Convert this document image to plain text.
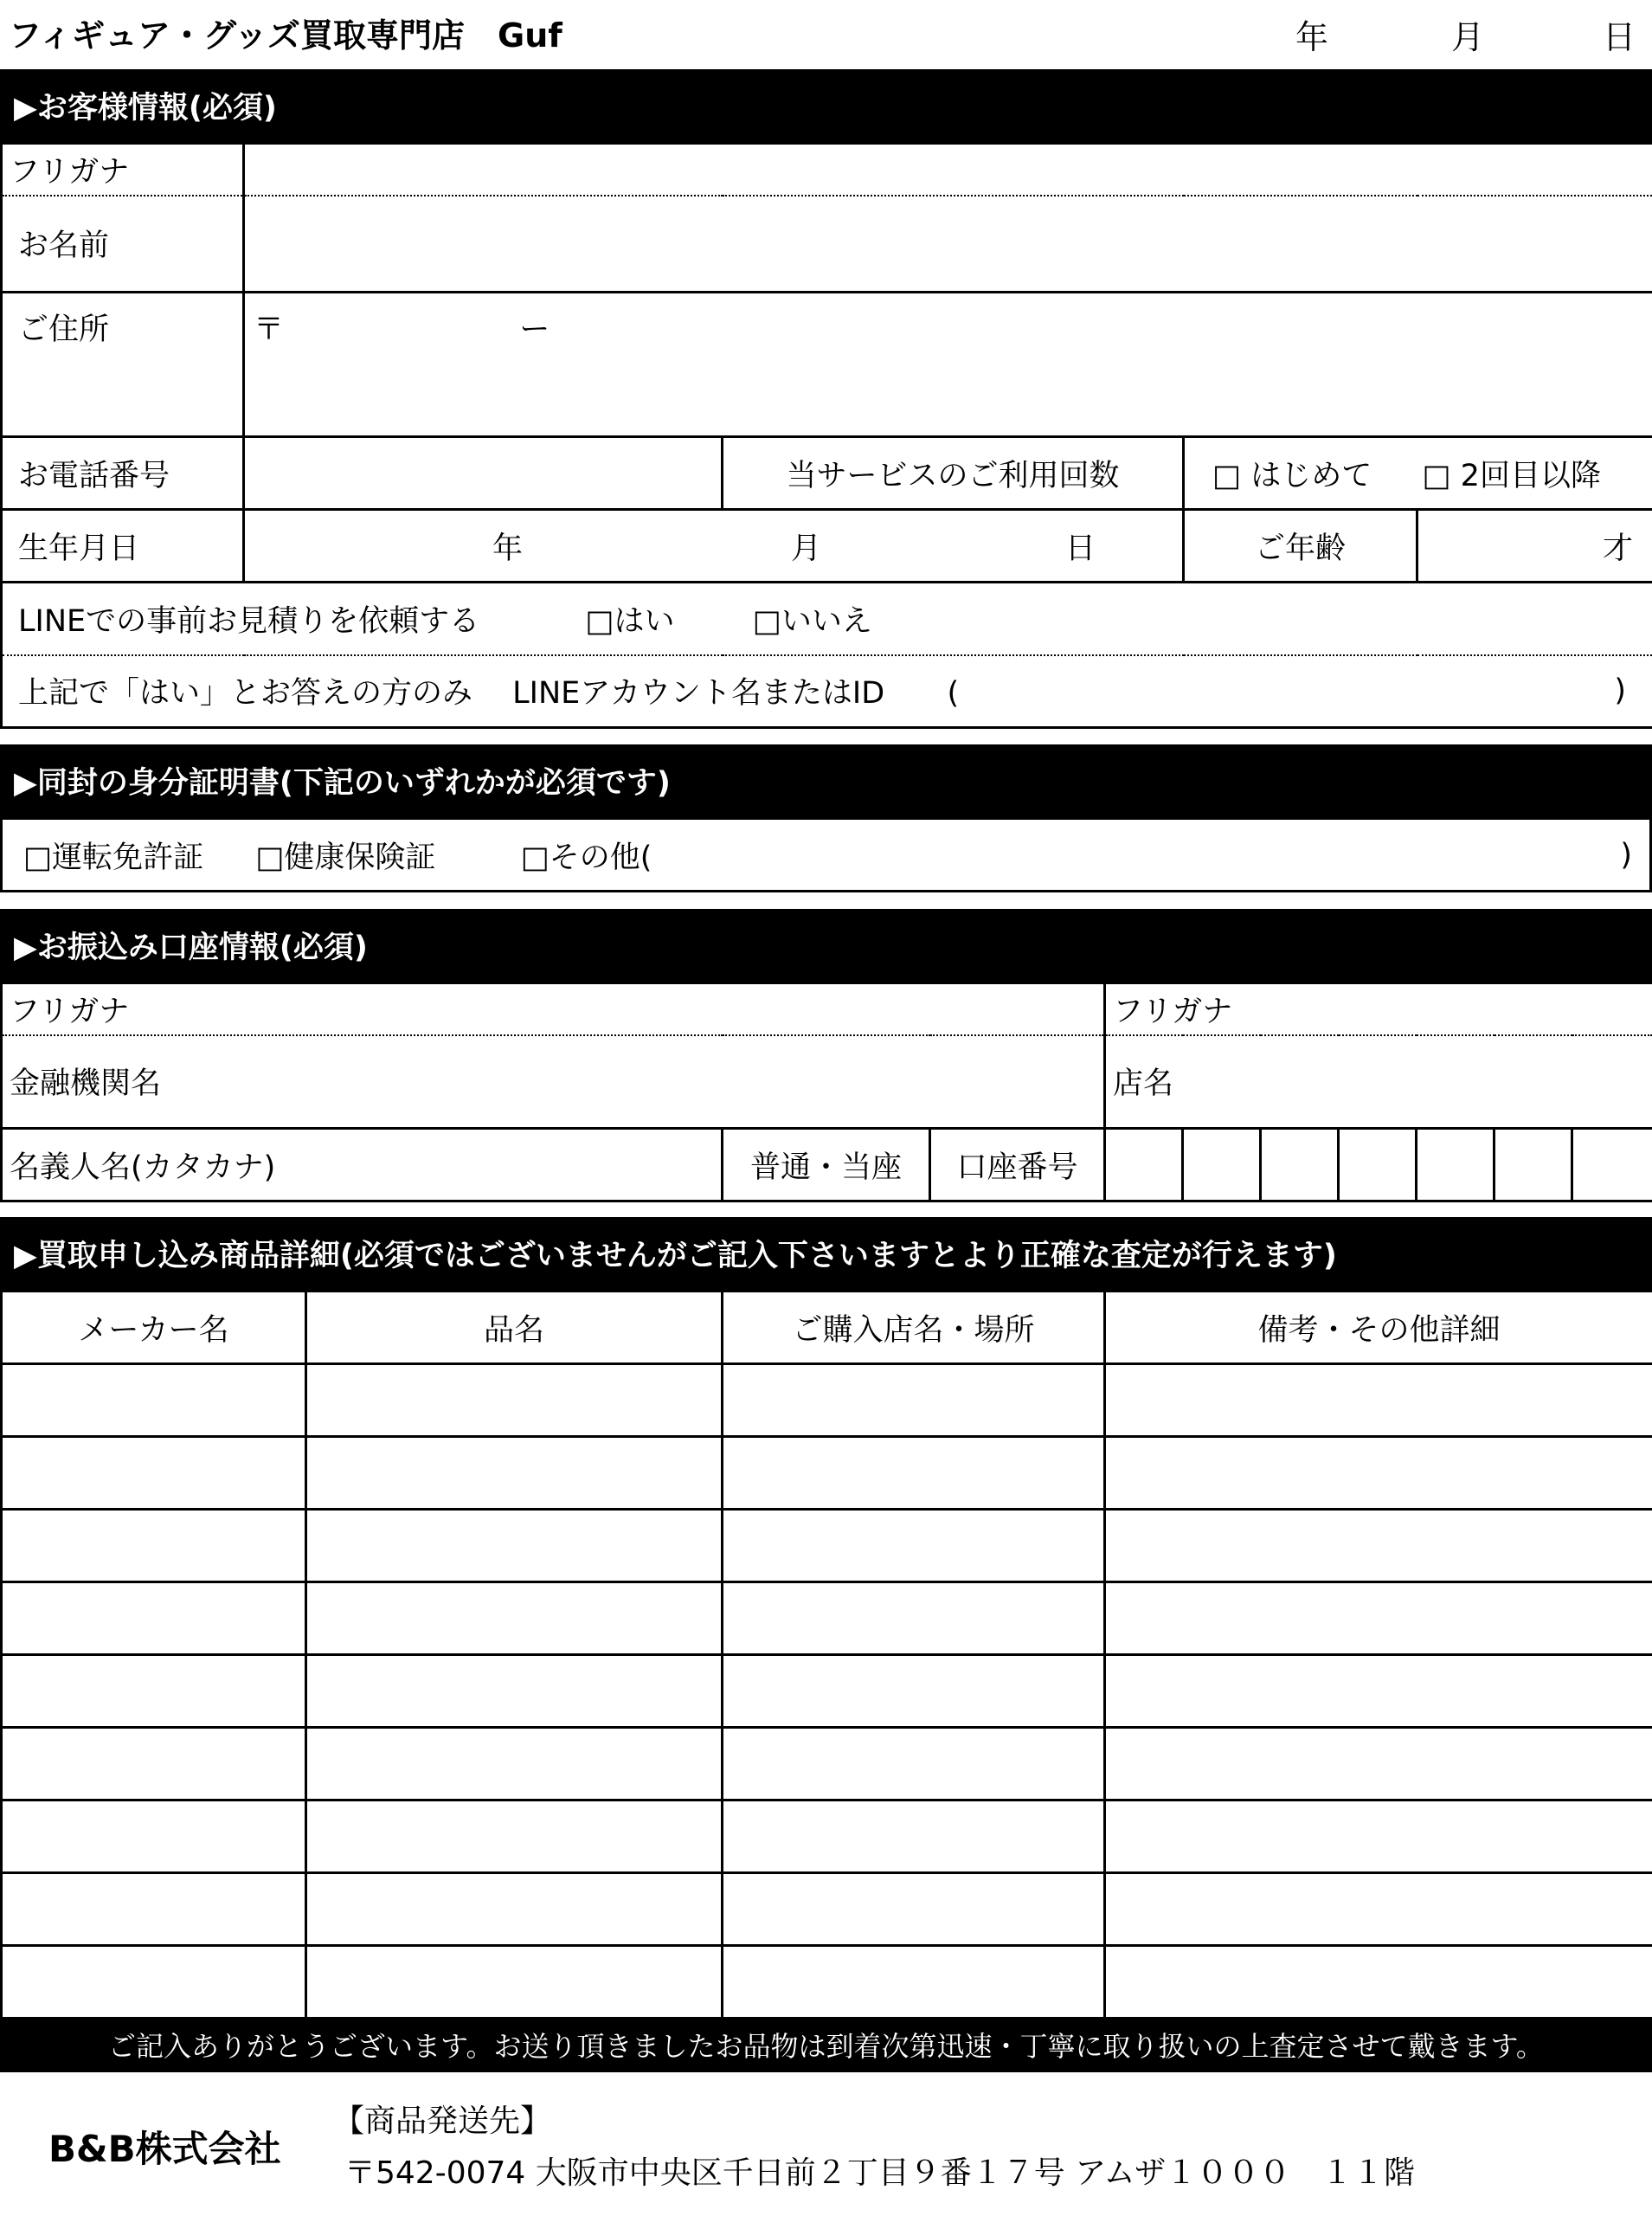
フィギュア・グッズ買取専門店　Guf	年	月	日
▶お客様情報(必須)
フリガナ				
お名前				
ご住所	〒 ー			
お電話番号		当サービスのご利用回数	□ はじめて □ 2回目以降	
生年月日	年 月 日		ご年齢	才
LINEでの事前お見積りを依頼する □はい □いいえ				
上記で「はい」とお答えの方のみ　 LINEアカウント名またはID ( )				
▶同封の身分証明書(下記のいずれかが必須です)
□運転免許証 □健康保険証	□その他(	)
▶お振込み口座情報(必須)
フリガナ			フリガナ						
金融機関名			店名						
名義人名(カタカナ)	普通・当座	口座番号							
▶買取申し込み商品詳細(必須ではございませんがご記入下さいますとより正確な査定が行えます)
メーカー名	品名	ご購入店名・場所	備考・その他詳細

ご記入ありがとうございます。お送り頂きましたお品物は到着次第迅速・丁寧に取り扱いの上査定させて戴きます。
B&B株式会社
【商品発送先】
〒542-0074 大阪市中央区千日前２丁目９番１７号 アムザ１０００　１１階
